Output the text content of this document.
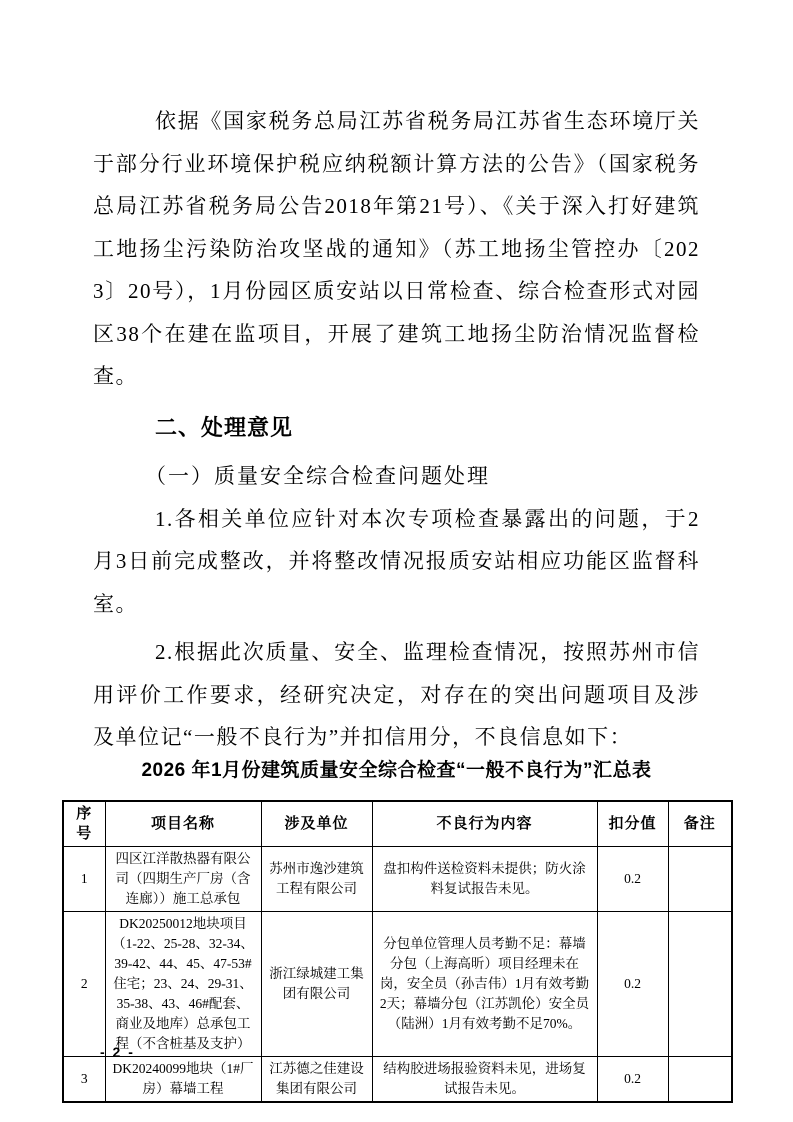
依据《国家税务总局江苏省税务局江苏省生态环境厅关于部分行业环境保护税应纳税额计算方法的公告》（国家税务总局江苏省税务局公告2018年第21号）、《关于深入打好建筑工地扬尘污染防治攻坚战的通知》（苏工地扬尘管控办〔2023〕20号），1月份园区质安站以日常检查、综合检查形式对园区38个在建在监项目，开展了建筑工地扬尘防治情况监督检查。

二、处理意见

（一）质量安全综合检查问题处理

1.各相关单位应针对本次专项检查暴露出的问题，于2月3日前完成整改，并将整改情况报质安站相应功能区监督科室。

2.根据此次质量、安全、监理检查情况，按照苏州市信用评价工作要求，经研究决定，对存在的突出问题项目及涉及单位记“一般不良行为”并扣信用分，不良信息如下：

2026 年1月份建筑质量安全综合检查“一般不良行为”汇总表

序号	项目名称	涉及单位	不良行为内容	扣分值	备注
1	四区江洋散热器有限公司（四期生产厂房（含连廊））施工总承包	苏州市逸沙建筑工程有限公司	盘扣构件送检资料未提供；防火涂料复试报告未见。	0.2	
2	DK20250012地块项目（1-22、25-28、32-34、39-42、44、45、47-53#住宅；23、24、29-31、35-38、43、46#配套、商业及地库）总承包工程（不含桩基及支护）	浙江绿城建工集团有限公司	分包单位管理人员考勤不足：幕墙分包（上海高昕）项目经理未在岗，安全员（孙吉伟）1月有效考勤2天；幕墙分包（江苏凯伦）安全员（陆洲）1月有效考勤不足70%。	0.2	
3	DK20240099地块（1#厂房）幕墙工程	江苏德之佳建设集团有限公司	结构胶进场报验资料未见，进场复试报告未见。	0.2	
- 2 -
